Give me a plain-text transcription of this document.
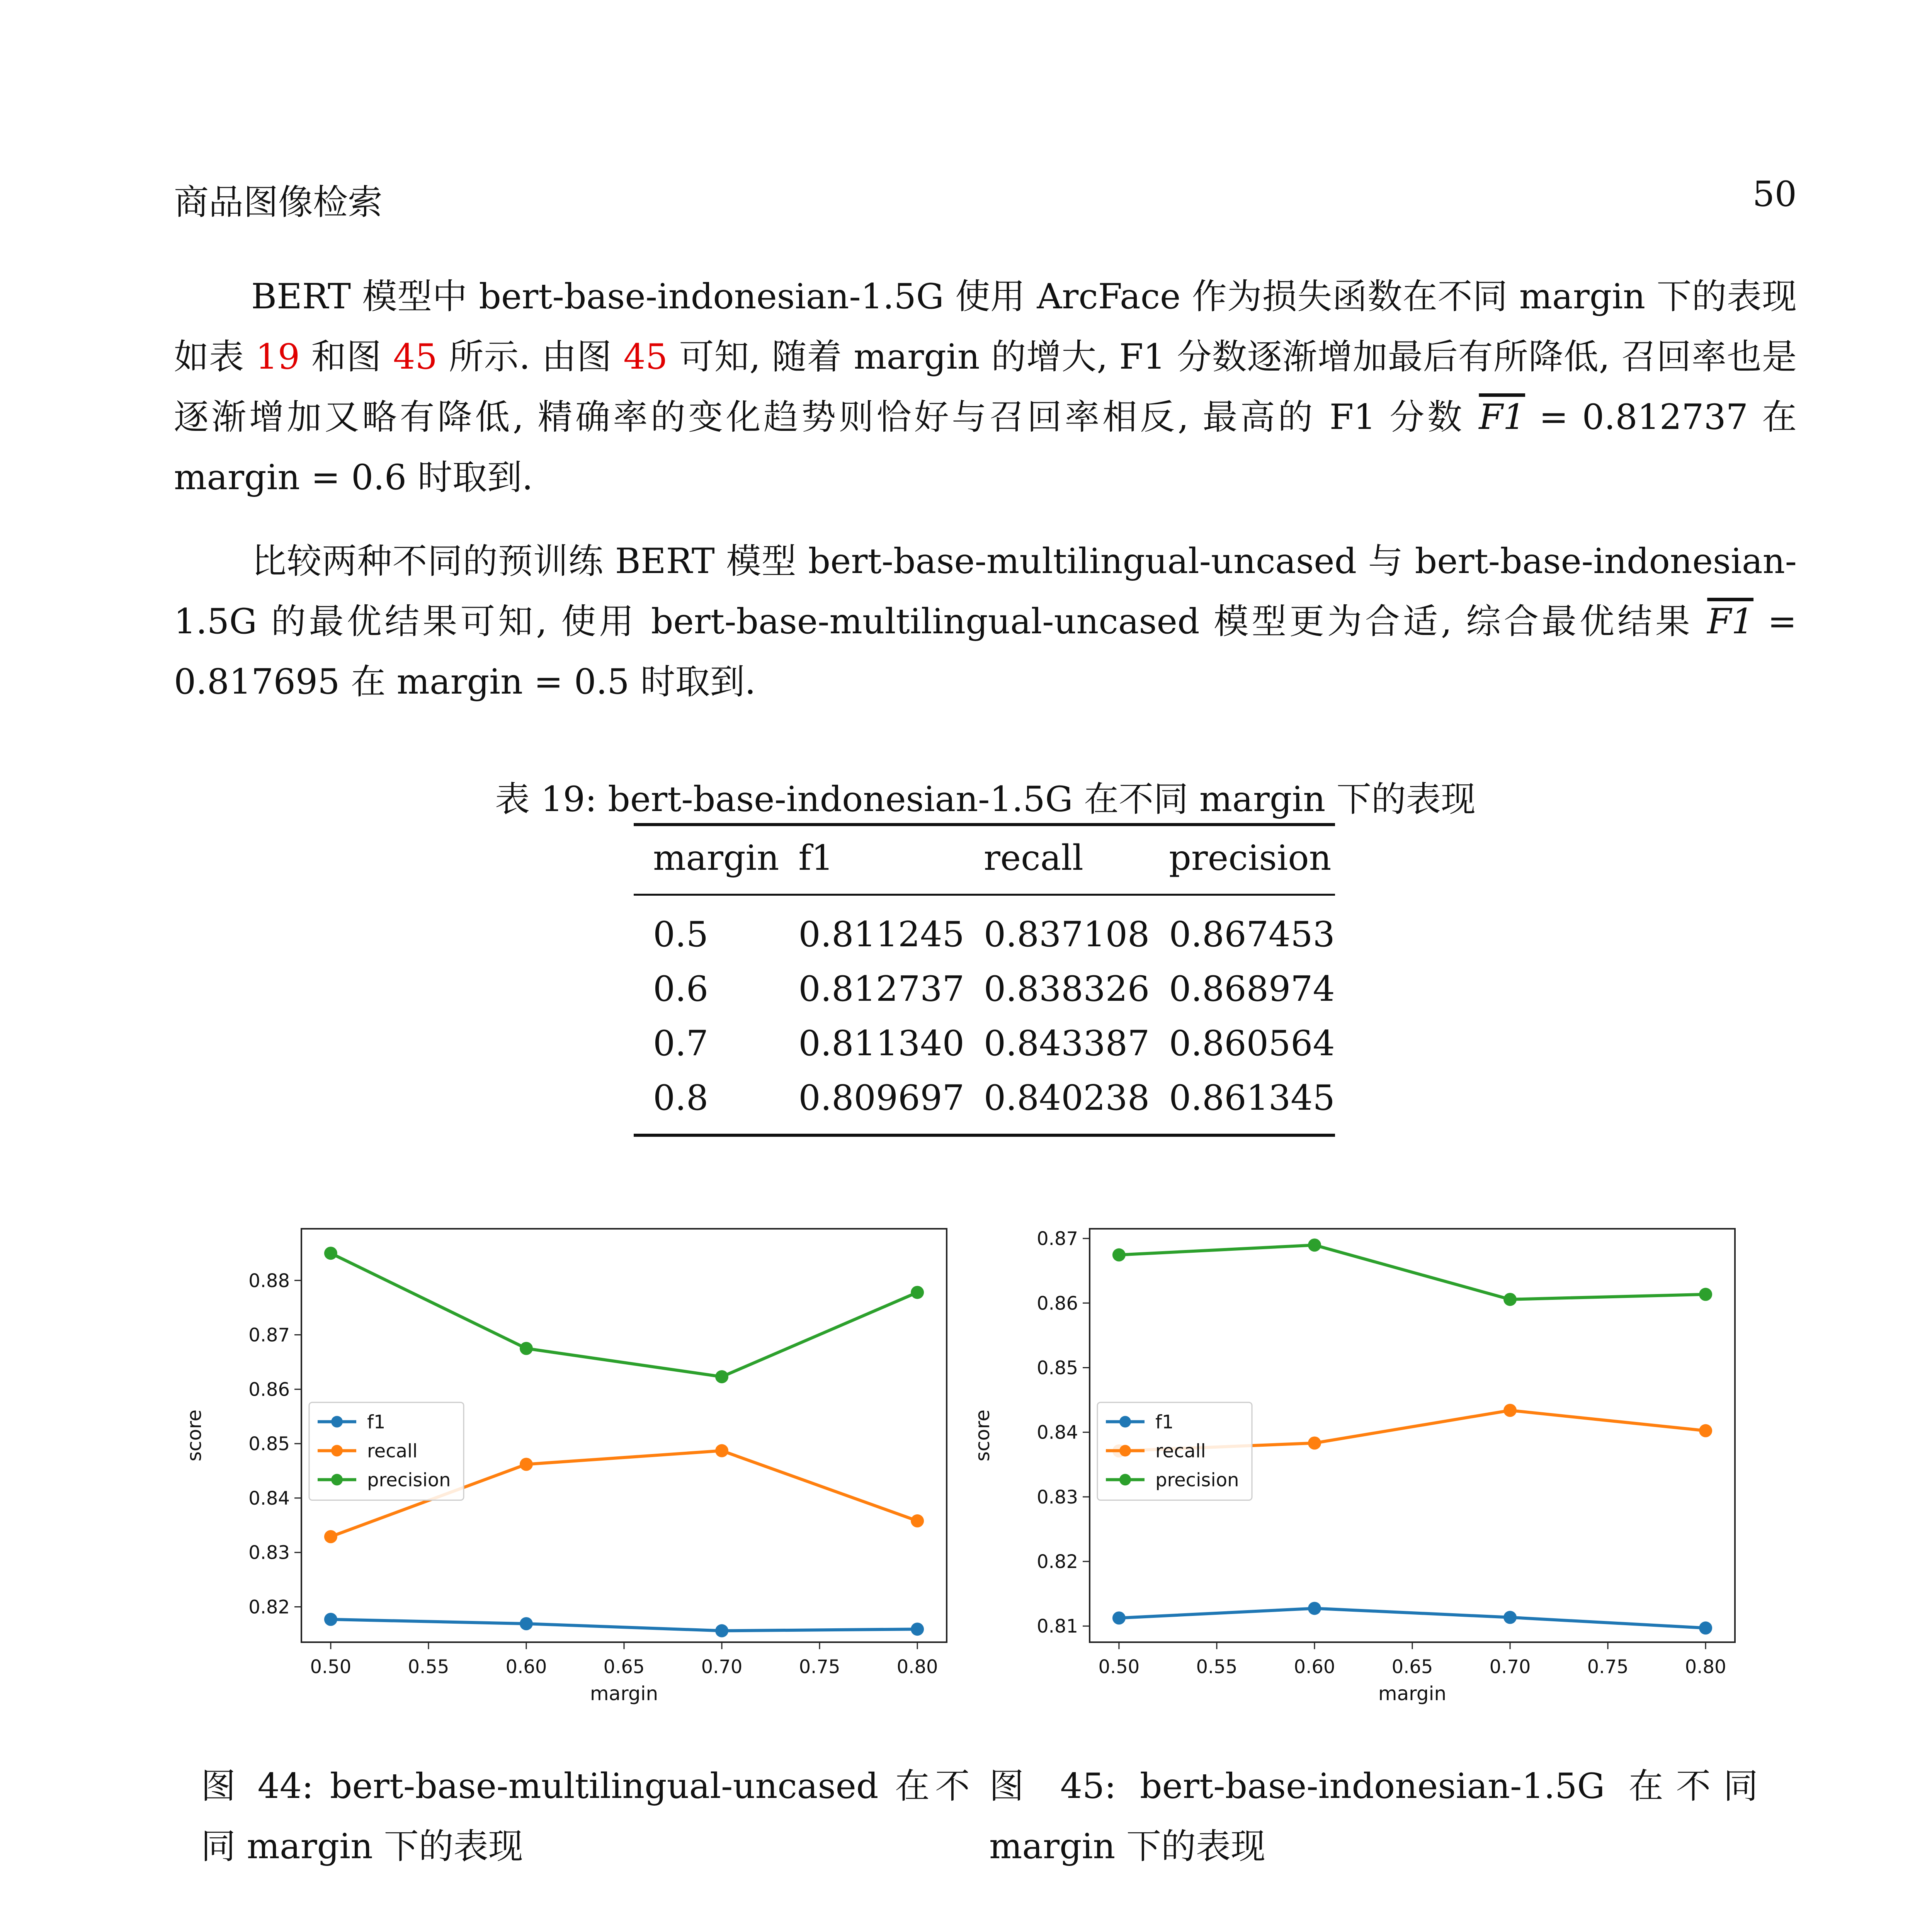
商品图像检索	50

BERT 模型中 bert-base-indonesian-1.5G 使用 ArcFace 作为损失函数在不同 margin 下的表现如表 19 和图 45 所示. 由图 45 可知, 随着 margin 的增大, F1 分数逐渐增加最后有所降低, 召回率也是逐渐增加又略有降低, 精确率的变化趋势则恰好与召回率相反, 最高的 F1 分数 F1 = 0.812737 在 margin = 0.6 时取到.

比较两种不同的预训练 BERT 模型 bert-base-multilingual-uncased 与 bert-base-indonesian-1.5G 的最优结果可知, 使用 bert-base-multilingual-uncased 模型更为合适, 综合最优结果 F1 = 0.817695 在 margin = 0.5 时取到.

表 19: bert-base-indonesian-1.5G 在不同 margin 下的表现
margin	f1	recall	precision
0.5	0.811245	0.837108	0.867453
0.6	0.812737	0.838326	0.868974
0.7	0.811340	0.843387	0.860564
0.8	0.809697	0.840238	0.861345
0.50	0.55	0.60	0.65	0.70	0.75	0.80
0.82
0.83
0.84
0.85
0.86
0.87
0.88
margin
score	f1
recall
precision
0.50	0.55	0.60	0.65	0.70	0.75	0.80
0.81
0.82
0.83
0.84
0.85
0.86
0.87
margin
score	f1
recall
precision

图 44: bert-base-multilingual-uncased 在不同 margin 下的表现

图 45: bert-base-indonesian-1.5G 在不同 margin 下的表现
